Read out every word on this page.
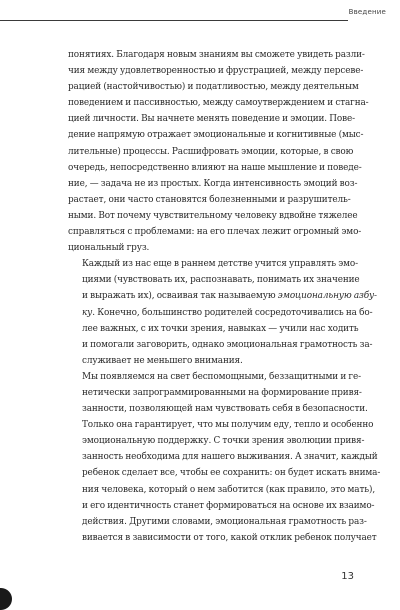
Введение

понятиях. Благодаря новым знаниям вы сможете увидеть разли-
чия между удовлетворенностью и фрустрацией, между персеве-
рацией (настойчивостью) и податливостью, между деятельным
поведением и пассивностью, между самоутверждением и стагна-
цией личности. Вы начнете менять поведение и эмоции. Пове-
дение напрямую отражает эмоциональные и когнитивные (мыс-
лительные) процессы. Расшифровать эмоции, которые, в свою
очередь, непосредственно влияют на наше мышление и поведе-
ние, — задача не из простых. Когда интенсивность эмоций воз-
растает, они часто становятся болезненными и разрушитель-
ными. Вот почему чувствительному человеку вдвойне тяжелее
справляться с проблемами: на его плечах лежит огромный эмо-
циональный груз.

Каждый из нас еще в раннем детстве учится управлять эмо-
циями (чувствовать их, распознавать, понимать их значение
и выражать их), осваивая так называемую эмоциональную азбу-
ку. Конечно, большинство родителей сосредоточивались на бо-
лее важных, с их точки зрения, навыках — учили нас ходить
и помогали заговорить, однако эмоциональная грамотность за-
служивает не меньшего внимания.

Мы появляемся на свет беспомощными, беззащитными и ге-
нетически запрограммированными на формирование привя-
занности, позволяющей нам чувствовать себя в безопасности.
Только она гарантирует, что мы получим еду, тепло и особенно
эмоциональную поддержку. С точки зрения эволюции привя-
занность необходима для нашего выживания. А значит, каждый
ребенок сделает все, чтобы ее сохранить: он будет искать внима-
ния человека, который о нем заботится (как правило, это мать),
и его идентичность станет формироваться на основе их взаимо-
действия. Другими словами, эмоциональная грамотность раз-
вивается в зависимости от того, какой отклик ребенок получает

13
